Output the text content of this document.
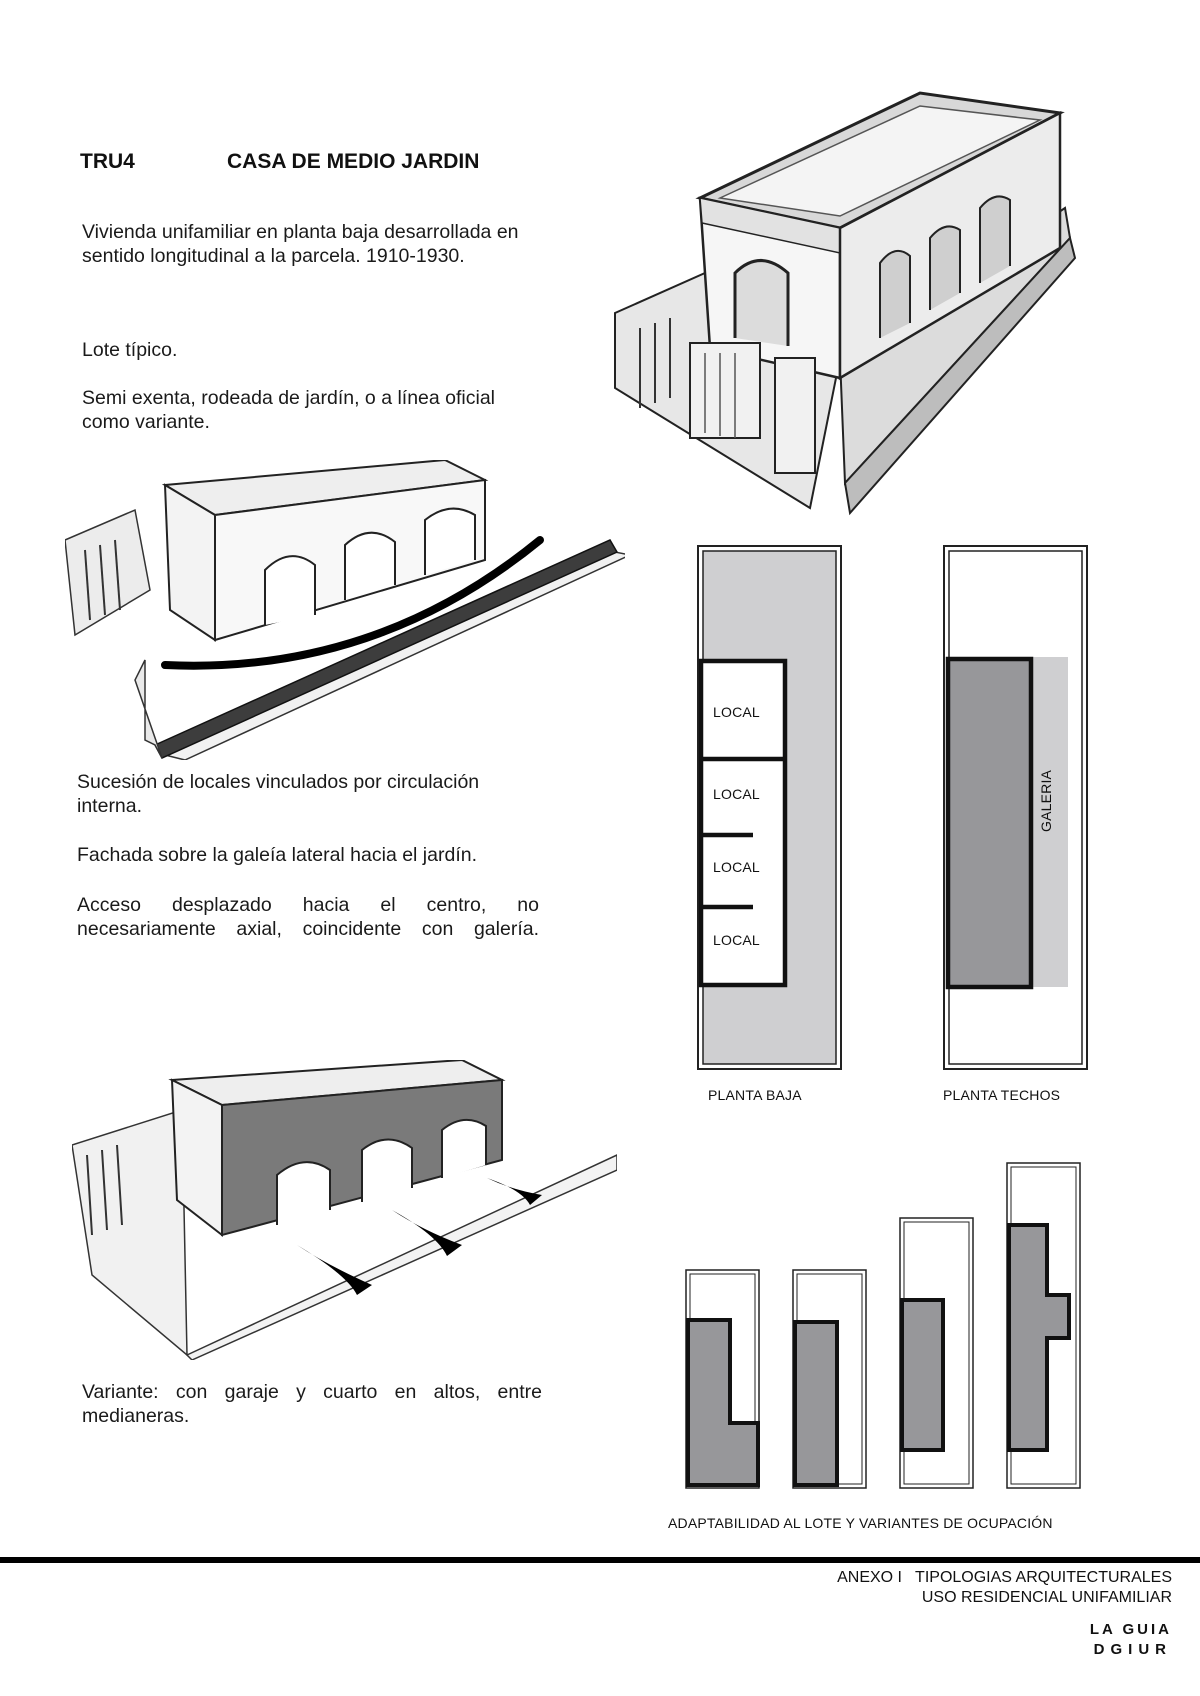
TRU4	CASA DE MEDIO JARDIN
Vivienda unifamiliar en planta baja desarrollada en sentido longitudinal a la parcela. 1910-1930.
Lote típico.
Semi exenta, rodeada de jardín, o a línea oficial como variante.
Sucesión de locales vinculados por circulación interna.
Fachada sobre la galeía lateral hacia el jardín.
Acceso desplazado hacia el centro, no necesariamente axial, coincidente con galería.
Variante: con garaje y cuarto en altos, entre medianeras.
LOCAL
LOCAL
LOCAL
LOCAL
PLANTA BAJA
GALERIA
PLANTA TECHOS
ADAPTABILIDAD AL LOTE Y VARIANTES DE OCUPACIÓN
ANEXO I   TIPOLOGIAS ARQUITECTURALES
USO RESIDENCIAL UNIFAMILIAR
LA GUIA
DGIUR
